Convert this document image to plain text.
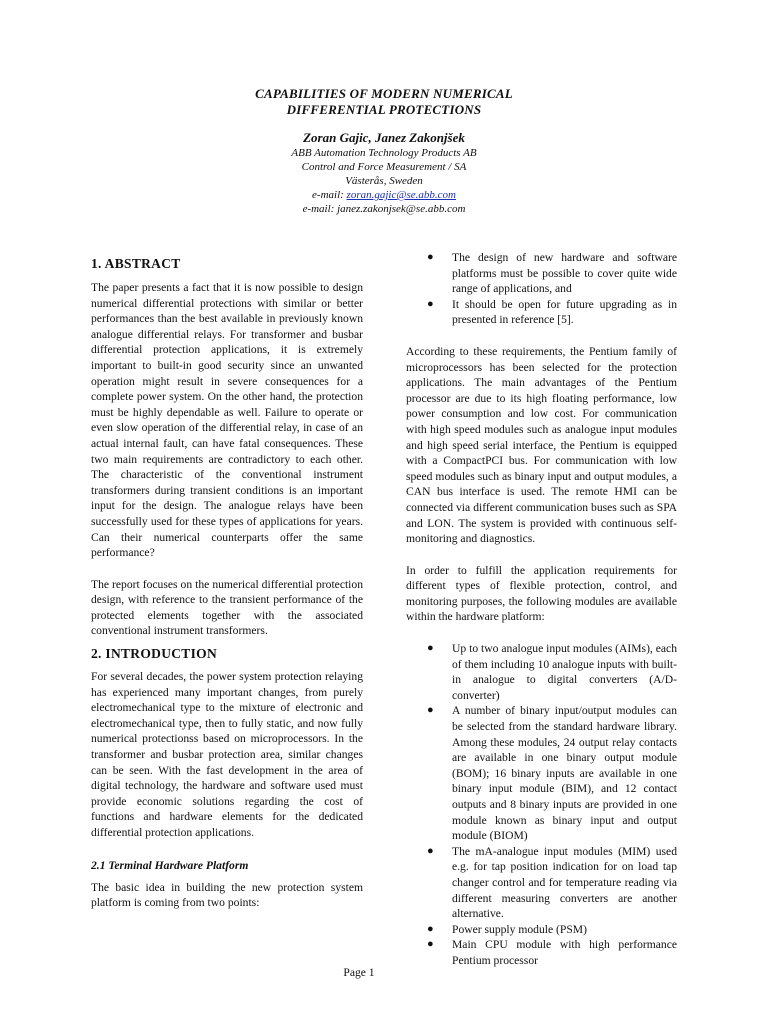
CAPABILITIES OF MODERN NUMERICAL

DIFFERENTIAL PROTECTIONS

Zoran Gajic, Janez Zakonjšek
ABB Automation Technology Products AB
Control and Force Measurement / SA
Västerås, Sweden
e-mail: zoran.gajic@se.abb.com
e-mail: janez.zakonjsek@se.abb.com
1. ABSTRACT

The paper presents a fact that it is now possible to design numerical differential protections with similar or better performances than the best available in previously known analogue differential relays. For transformer and busbar differential protection applications, it is extremely important to built-in good security since an unwanted operation might result in severe consequences for a complete power system. On the other hand, the protection must be highly dependable as well. Failure to operate or even slow operation of the differential relay, in case of an actual internal fault, can have fatal consequences. These two main requirements are contradictory to each other. The characteristic of the conventional instrument transformers during transient conditions is an important input for the design. The analogue relays have been successfully used for these types of applications for years. Can their numerical counterparts offer the same performance?

The report focuses on the numerical differential protection design, with reference to the transient performance of the protected elements together with the associated conventional instrument transformers.

2. INTRODUCTION

For several decades, the power system protection relaying has experienced many important changes, from purely electromechanical type to the mixture of electronic and electromechanical type, then to fully static, and now fully numerical protectionss based on microprocessors. In the transformer and busbar protection area, similar changes can be seen. With the fast development in the area of digital technology, the hardware and software used must provide economic solutions regarding the cost of functions and hardware elements for the dedicated differential protection applications.

2.1 Terminal Hardware Platform

The basic idea in building the new protection system platform is coming from two points:

● The design of new hardware and software platforms must be possible to cover quite wide range of applications, and
● It should be open for future upgrading as in presented in reference [5].

According to these requirements, the Pentium family of microprocessors has been selected for the protection applications. The main advantages of the Pentium processor are due to its high floating performance, low power consumption and low cost. For communication with high speed modules such as analogue input modules and high speed serial interface, the Pentium is equipped with a CompactPCI bus. For communication with low speed modules such as binary input and output modules, a CAN bus interface is used. The remote HMI can be connected via different communication buses such as SPA and LON. The system is provided with continuous self-monitoring and diagnostics.

In order to fulfill the application requirements for different types of flexible protection, control, and monitoring purposes, the following modules are available within the hardware platform:

● Up to two analogue input modules (AIMs), each of them including 10 analogue inputs with built-in analogue to digital converters (A/D-converter)
● A number of binary input/output modules can be selected from the standard hardware library. Among these modules, 24 output relay contacts are available in one binary output module (BOM); 16 binary inputs are available in one binary input module (BIM), and 12 contact outputs and 8 binary inputs are provided in one module known as binary input and output module (BIOM)
● The mA-analogue input modules (MIM) used e.g. for tap position indication for on load tap changer control and for temperature reading via different measuring converters are another alternative.
● Power supply module (PSM)
● Main CPU module with high performance Pentium processor
Page 1
